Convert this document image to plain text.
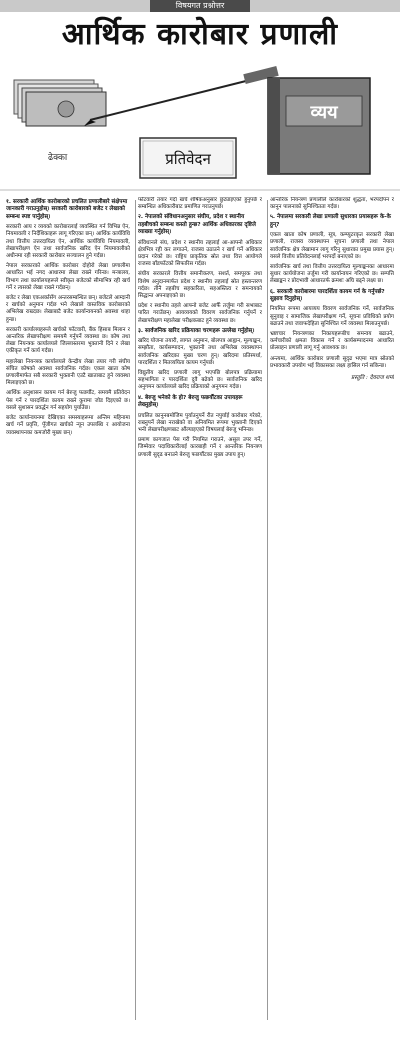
विषयगत प्रश्नोत्तर
आर्थिक कारोबार प्रणाली
ढेक्का	प्रतिवेदन
व्यय

१. सरकारी आर्थिक कारोबारको प्रचलित प्रणालीबारे संक्षेपमा जानकारी गराउनुहोस्। सरकारी कारोबारको बजेट र लेखाको सम्बन्ध स्पष्ट पार्नुहोस्।

सरकारी आय र व्ययको कारोबारलाई व्यवस्थित गर्न विभिन्न ऐन, नियमावली र निर्देशिकाहरू लागू गरिएका छन्। आर्थिक कार्यविधि तथा वित्तीय उत्तरदायित्व ऐन, आर्थिक कार्यविधि नियमावली, लेखापरीक्षण ऐन तथा सार्वजनिक खरिद ऐन नियमावलीको अधीनमा रही सरकारी कारोबार सञ्चालन हुने गर्दछ।

नेपाल सरकारको आर्थिक कारोबार दोहोरो लेखा प्रणालीमा आधारित भई नगद आधारमा लेखा राख्ने गरिन्छ। मन्त्रालय, विभाग तथा कार्यालयहरूले स्वीकृत बजेटको सीमाभित्र रही खर्च गर्ने र त्यसको लेखा राख्ने गर्दछन्।

बजेट र लेखा एकअर्कासँग अन्तरसम्बन्धित छन्। बजेटले आम्दानी र खर्चको अनुमान गर्दछ भने लेखाले वास्तविक कारोबारको अभिलेख राख्दछ। लेखाबाटै बजेट कार्यान्वयनको अवस्था थाहा हुन्छ।

सरकारी कार्यालयहरूले खर्चको फाँटवारी, बैंक हिसाब मिलान र आन्तरिक लेखापरीक्षण समयमै गर्नुपर्ने व्यवस्था छ। कोष तथा लेखा नियन्त्रक कार्यालयले जिल्लास्तरमा भुक्तानी दिने र लेखा एकीकृत गर्ने कार्य गर्दछ।

महालेखा नियन्त्रक कार्यालयले केन्द्रीय लेखा तयार गरी संघीय संचित कोषको अवस्था सार्वजनिक गर्दछ। एकल खाता कोष प्रणालीमार्फत सबै सरकारी भुक्तानी एउटै खाताबाट हुने व्यवस्था मिलाइएको छ।

आर्थिक अनुशासन कायम गर्न बेरुजु फछर्यौट, समयमै प्रतिवेदन पेस गर्ने र पारदर्शिता कायम राख्ने कुरामा जोड दिइएको छ। यसले सुशासन प्रवर्द्धन गर्न सहयोग पुर्याउँछ।

बजेट कार्यान्वयनमा देखिएका समस्याहरूमा अन्तिम महिनामा खर्च गर्ने प्रवृत्ति, पूँजीगत खर्चको न्यून उपलब्धि र आयोजना व्यवस्थापनका कमजोरी मुख्य छन्।

फाँटवारी तयार गर्दा खर्च शीर्षकअनुसार छुट्याइएको हुनुपर्छ र सम्बन्धित अधिकारीबाट प्रमाणित गराउनुपर्छ।

२. नेपालको संविधानअनुसार संघीय, प्रदेश र स्थानीय तहबीचको सम्बन्ध कस्तो हुन्छ? आर्थिक अधिकारका दृष्टिले व्याख्या गर्नुहोस्।

संविधानले संघ, प्रदेश र स्थानीय तहलाई आ-आफ्नो अधिकार क्षेत्रभित्र रही कर लगाउने, राजस्व उठाउने र खर्च गर्ने अधिकार प्रदान गरेको छ। राष्ट्रिय प्राकृतिक स्रोत तथा वित्त आयोगले राजस्व बाँडफाँटको सिफारिस गर्दछ।

संघीय सरकारले वित्तीय समानीकरण, सशर्त, समपूरक तथा विशेष अनुदानमार्फत प्रदेश र स्थानीय तहलाई स्रोत हस्तान्तरण गर्दछ। तीनै तहबीच सहकारिता, सहअस्तित्व र समन्वयको सिद्धान्त अपनाइएको छ।

प्रदेश र स्थानीय तहले आफ्नो बजेट आफैँ तर्जुमा गरी सभाबाट पारित गराउँछन्। आयव्ययको विवरण सार्वजनिक गर्नुपर्ने र लेखापरीक्षण महालेखा परीक्षकबाट हुने व्यवस्था छ।

३. सार्वजनिक खरिद प्रक्रियाका चरणहरू उल्लेख गर्नुहोस्।

खरिद योजना तयारी, लागत अनुमान, बोलपत्र आह्वान, मूल्याङ्कन, सम्झौता, कार्यसम्पादन, भुक्तानी तथा अभिलेख व्यवस्थापन सार्वजनिक खरिदका मुख्य चरण हुन्। खरिदमा प्रतिस्पर्धा, पारदर्शिता र मितव्ययिता कायम गर्नुपर्छ।

विद्युतीय खरिद प्रणाली लागू भएपछि बोलपत्र प्रक्रियामा सहभागिता र पारदर्शिता दुवै बढेको छ। सार्वजनिक खरिद अनुगमन कार्यालयले खरिद प्रक्रियाको अनुगमन गर्दछ।

४. बेरुजु भनेको के हो? बेरुजु फछर्यौटका उपायहरू लेख्नुहोस्।

प्रचलित कानुनबमोजिम पुर्याउनुपर्ने रीत नपुर्याई कारोबार गरेको, राख्नुपर्ने लेखा नराखेको वा अनियमित रूपमा भुक्तानी दिएको भनी लेखापरीक्षणबाट औंल्याइएको विषयलाई बेरुजु भनिन्छ।

प्रमाण कागजात पेस गरी नियमित गराउने, असुल उपर गर्ने, जिम्मेवार पदाधिकारीलाई कारबाही गर्ने र आन्तरिक नियन्त्रण प्रणाली सुदृढ बनाउने बेरुजु फछर्यौटका मुख्य उपाय हुन्।

आन्तरिक नियन्त्रण प्रणालीले कारोबारको शुद्धता, भरपर्दोपन र कानुन पालनाको सुनिश्चितता गर्दछ।

५. नेपालमा सरकारी लेखा प्रणाली सुधारका प्रयासहरू के-के हुन्?

एकल खाता कोष प्रणाली, सूत्र, कम्प्युटरकृत सरकारी लेखा प्रणाली, राजस्व व्यवस्थापन सूचना प्रणाली तथा नेपाल सार्वजनिक क्षेत्र लेखामान लागू गरिनु सुधारका प्रमुख प्रयास हुन्। यसले वित्तीय प्रतिवेदनलाई भरपर्दो बनाएको छ।

सार्वजनिक खर्च तथा वित्तीय उत्तरदायित्व मूल्याङ्कनका आधारमा सुधार कार्ययोजना तर्जुमा गरी कार्यान्वयन गरिएको छ। सम्पत्ति लेखाङ्कन र प्रोदभावी आधारतर्फ क्रमशः अघि बढ्ने लक्ष्य छ।

६. सरकारी कारोबारमा पारदर्शिता कायम गर्न के गर्नुपर्छ? सुझाव दिनुहोस्।

नियमित रूपमा आयव्यय विवरण सार्वजनिक गर्ने, सार्वजनिक सुनुवाइ र सामाजिक लेखापरीक्षण गर्ने, सूचना प्रविधिको प्रयोग बढाउने तथा जवाफदेहिता सुनिश्चित गर्ने व्यवस्था मिलाउनुपर्छ।

भ्रष्टाचार नियन्त्रणका निकायहरूबीच समन्वय बढाउने, कर्मचारीको क्षमता विकास गर्ने र कार्यसम्पादनमा आधारित प्रोत्साहन प्रणाली लागू गर्नु आवश्यक छ।

अन्त्यमा, आर्थिक कारोबार प्रणाली सुदृढ भएमा मात्र स्रोतको प्रभावकारी उपयोग भई विकासका लक्ष्य हासिल गर्न सकिन्छ।

प्रस्तुति : देवराज शर्मा
